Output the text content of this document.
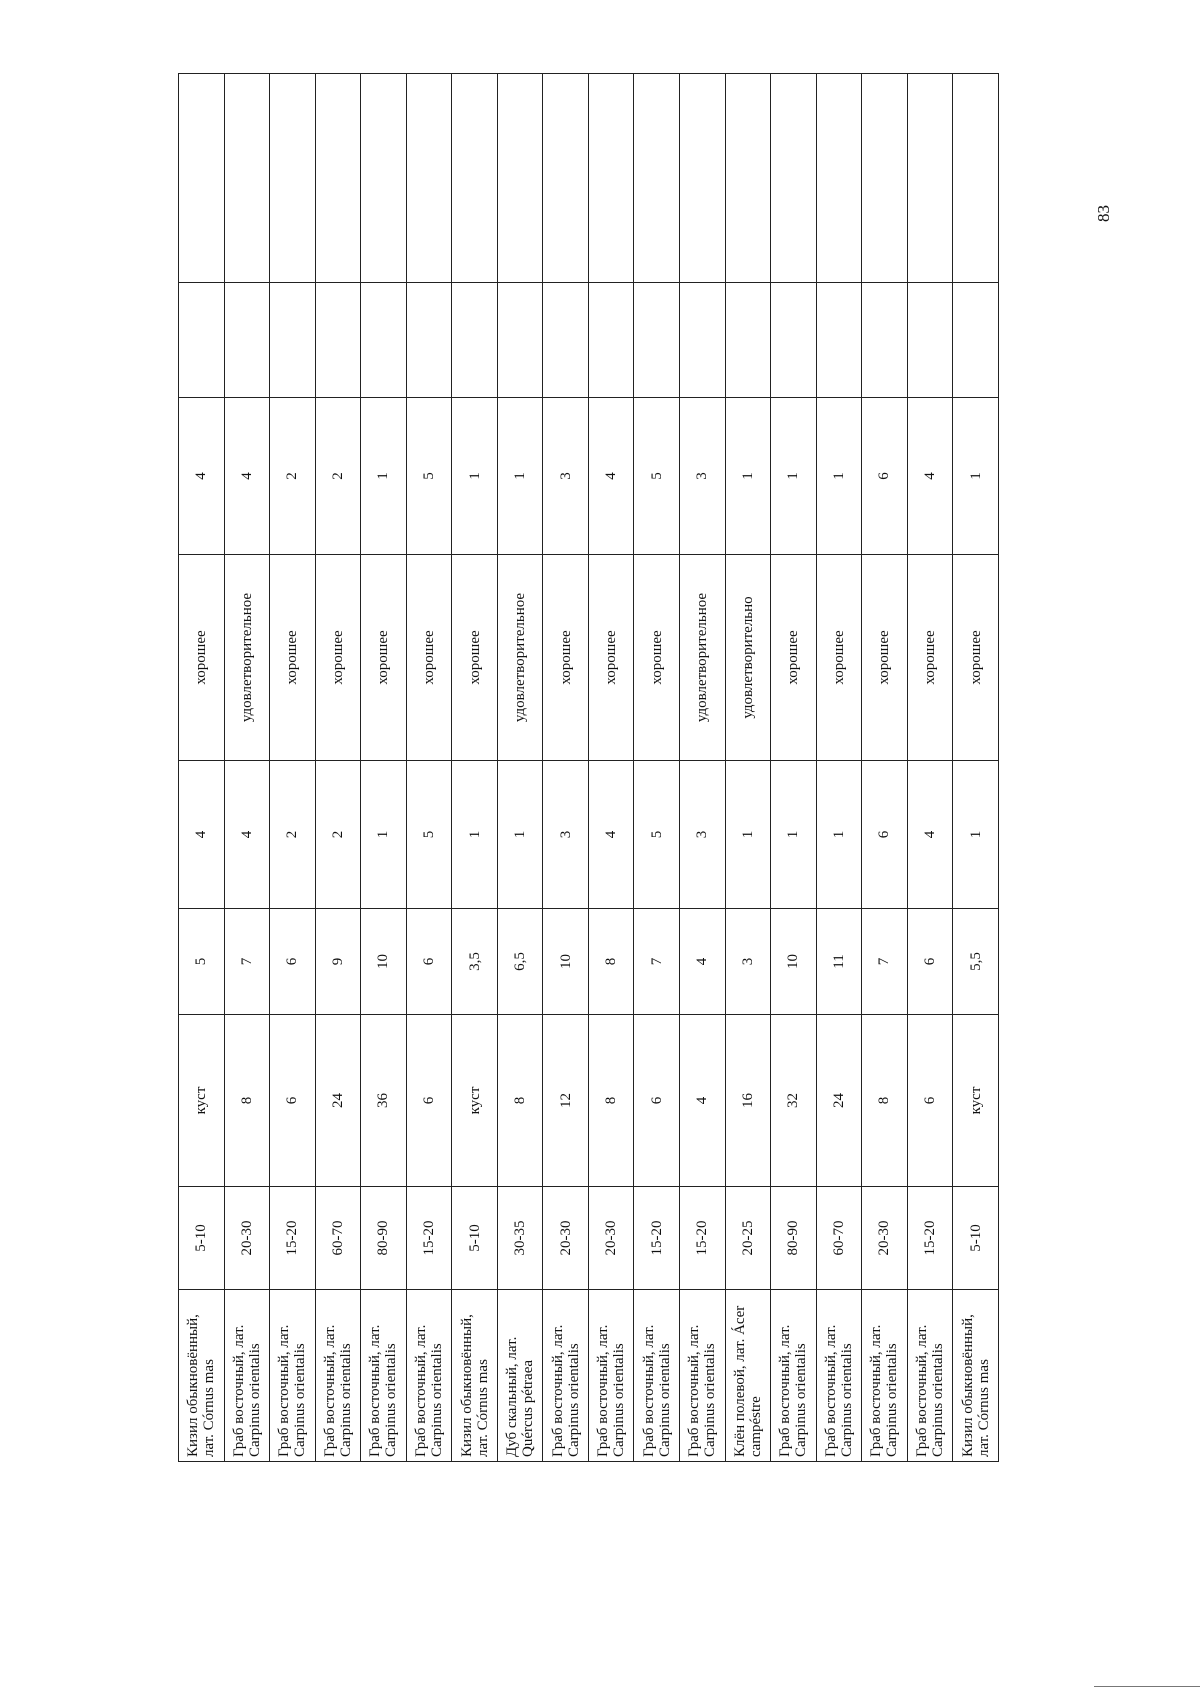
Кизил обыкновённый, лат. Córnus mas	5-10	куст	5	4	хорошее	4		
Граб восточный, лат. Carpinus orientalis	20-30	8	7	4	удовлетворительное	4		
Граб восточный, лат. Carpinus orientalis	15-20	6	6	2	хорошее	2		
Граб восточный, лат. Carpinus orientalis	60-70	24	9	2	хорошее	2		
Граб восточный, лат. Carpinus orientalis	80-90	36	10	1	хорошее	1		
Граб восточный, лат. Carpinus orientalis	15-20	6	6	5	хорошее	5		
Кизил обыкновённый, лат. Córnus mas	5-10	куст	3,5	1	хорошее	1		
Дуб скальный, лат. Quércus pétraea	30-35	8	6,5	1	удовлетворительное	1		
Граб восточный, лат. Carpinus orientalis	20-30	12	10	3	хорошее	3		
Граб восточный, лат. Carpinus orientalis	20-30	8	8	4	хорошее	4		
Граб восточный, лат. Carpinus orientalis	15-20	6	7	5	хорошее	5		
Граб восточный, лат. Carpinus orientalis	15-20	4	4	3	удовлетворительное	3		
Клён полевой, лат. Ácer campéstre	20-25	16	3	1	удовлетворительно	1		
Граб восточный, лат. Carpinus orientalis	80-90	32	10	1	хорошее	1		
Граб восточный, лат. Carpinus orientalis	60-70	24	11	1	хорошее	1		
Граб восточный, лат. Carpinus orientalis	20-30	8	7	6	хорошее	6		
Граб восточный, лат. Carpinus orientalis	15-20	6	6	4	хорошее	4		
Кизил обыкновённый, лат. Córnus mas	5-10	куст	5,5	1	хорошее	1		
83
